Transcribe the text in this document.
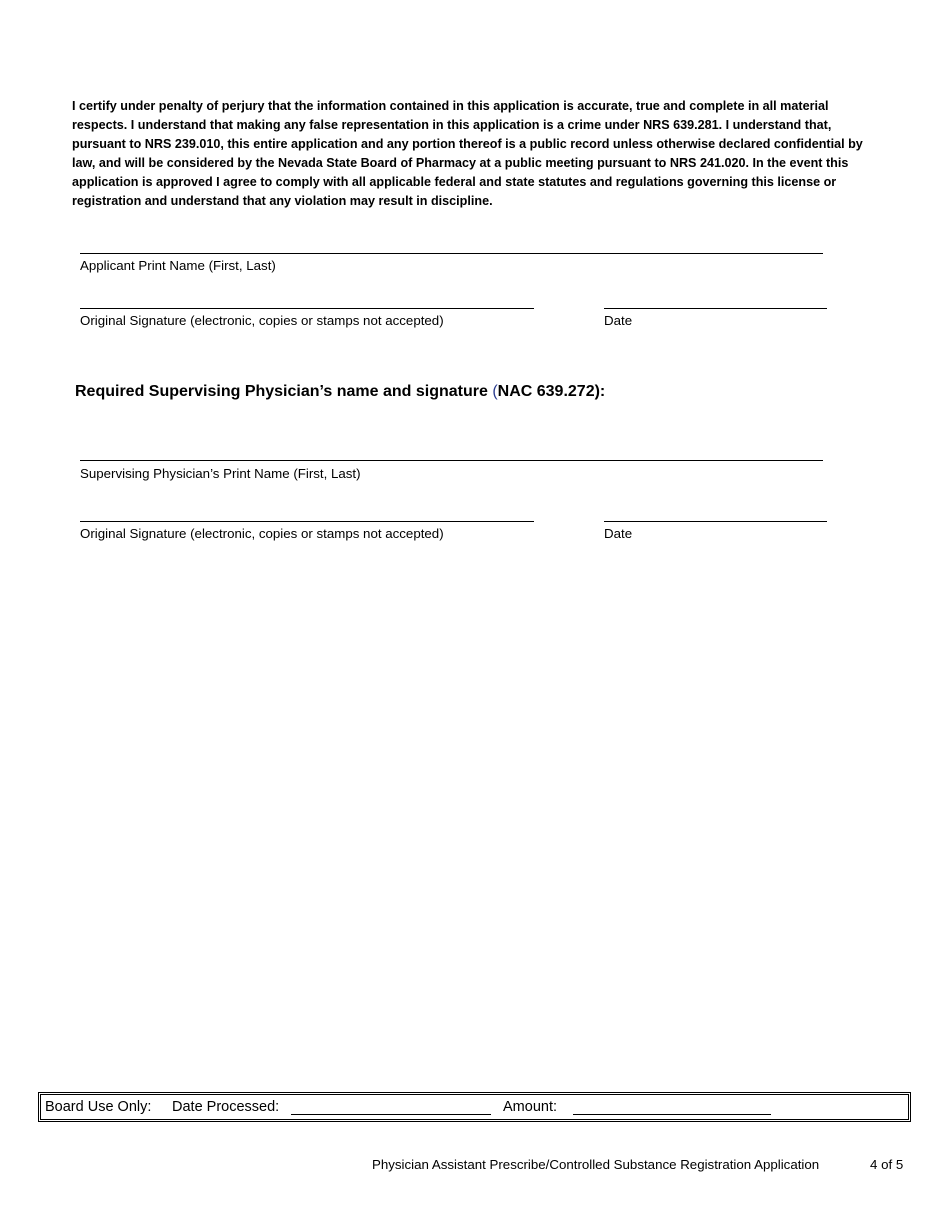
I certify under penalty of perjury that the information contained in this application is accurate, true and complete in all material respects. I understand that making any false representation in this application is a crime under NRS 639.281. I understand that, pursuant to NRS 239.010, this entire application and any portion thereof is a public record unless otherwise declared confidential by law, and will be considered by the Nevada State Board of Pharmacy at a public meeting pursuant to NRS 241.020. In the event this application is approved I agree to comply with all applicable federal and state statutes and regulations governing this license or registration and understand that any violation may result in discipline.

Applicant Print Name (First, Last)
Original Signature (electronic, copies or stamps not accepted)	Date
Required Supervising Physician’s name and signature (NAC 639.272):
Supervising Physician’s Print Name (First, Last)
Original Signature (electronic, copies or stamps not accepted)	Date
Board Use Only: Date Processed:	Amount:
Physician Assistant Prescribe/Controlled Substance Registration Application	4 of 5
